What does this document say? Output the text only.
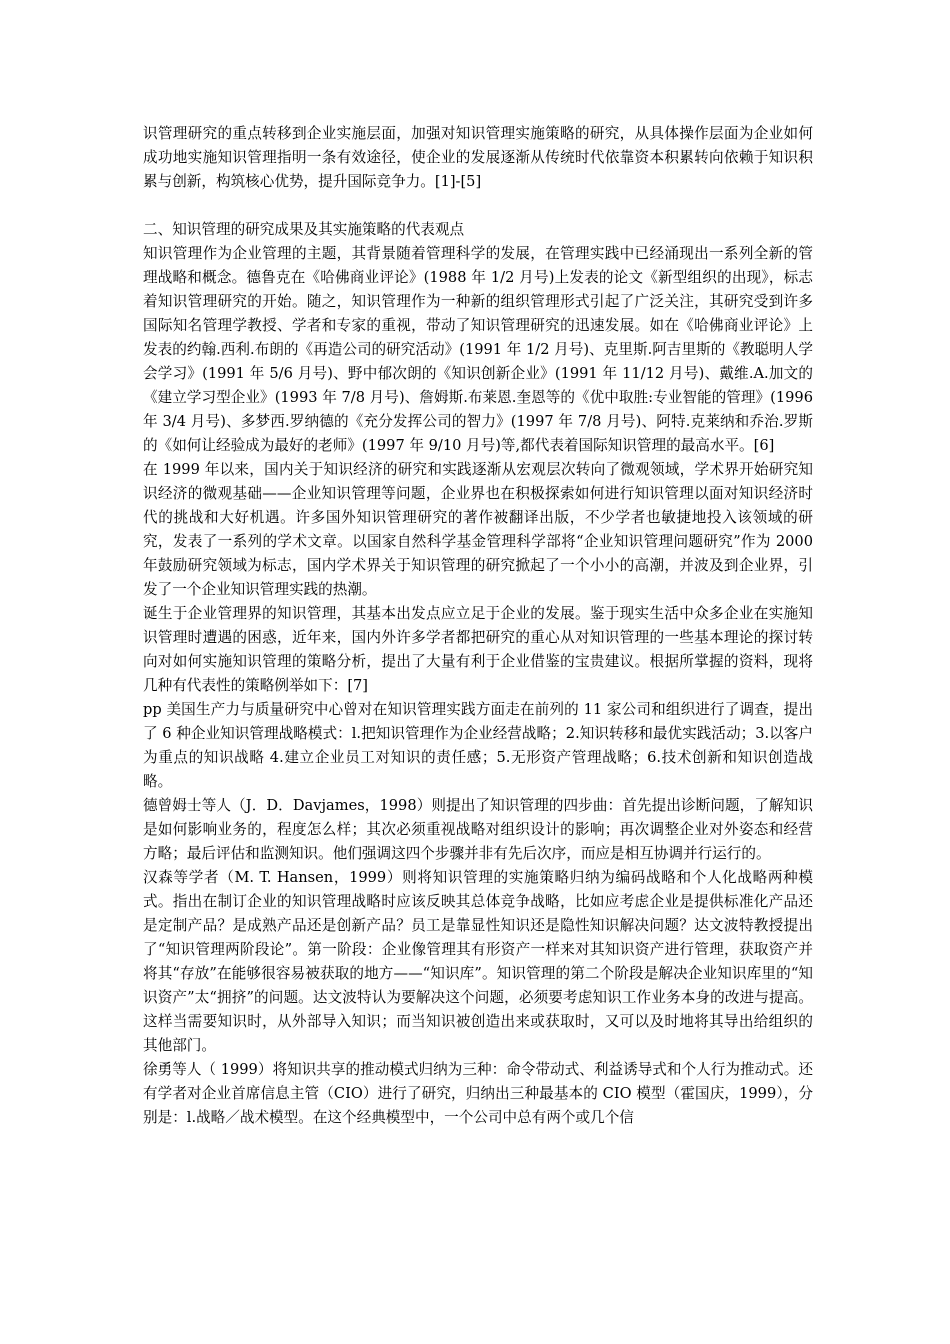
识管理研究的重点转移到企业实施层面，加强对知识管理实施策略的研究，从具体操作层面为企业如何成功地实施知识管理指明一条有效途径，使企业的发展逐渐从传统时代依靠资本积累转向依赖于知识积累与创新，构筑核心优势，提升国际竞争力。[1]-[5]

二、知识管理的研究成果及其实施策略的代表观点

知识管理作为企业管理的主题，其背景随着管理科学的发展，在管理实践中已经涌现出一系列全新的管理战略和概念。德鲁克在《哈佛商业评论》(1988 年 1/2 月号)上发表的论文《新型组织的出现》，标志着知识管理研究的开始。随之，知识管理作为一种新的组织管理形式引起了广泛关注，其研究受到许多国际知名管理学教授、学者和专家的重视，带动了知识管理研究的迅速发展。如在《哈佛商业评论》上发表的约翰.西利.布朗的《再造公司的研究活动》(1991 年 1/2 月号)、克里斯.阿吉里斯的《教聪明人学会学习》(1991 年 5/6 月号)、野中郁次朗的《知识创新企业》(1991 年 11/12 月号)、戴维.A.加文的《建立学习型企业》(1993 年 7/8 月号)、詹姆斯.布莱恩.奎恩等的《优中取胜:专业智能的管理》(1996 年 3/4 月号)、多梦西.罗纳德的《充分发挥公司的智力》(1997 年 7/8 月号)、阿特.克莱纳和乔治.罗斯的《如何让经验成为最好的老师》(1997 年 9/10 月号)等,都代表着国际知识管理的最高水平。[6]

在 1999 年以来，国内关于知识经济的研究和实践逐渐从宏观层次转向了微观领域，学术界开始研究知识经济的微观基础——企业知识管理等问题，企业界也在积极探索如何进行知识管理以面对知识经济时代的挑战和大好机遇。许多国外知识管理研究的著作被翻译出版，不少学者也敏捷地投入该领域的研究，发表了一系列的学术文章。以国家自然科学基金管理科学部将“企业知识管理问题研究”作为 2000 年鼓励研究领域为标志，国内学术界关于知识管理的研究掀起了一个小小的高潮，并波及到企业界，引发了一个企业知识管理实践的热潮。

诞生于企业管理界的知识管理，其基本出发点应立足于企业的发展。鉴于现实生活中众多企业在实施知识管理时遭遇的困惑，近年来，国内外许多学者都把研究的重心从对知识管理的一些基本理论的探讨转向对如何实施知识管理的策略分析，提出了大量有利于企业借鉴的宝贵建议。根据所掌握的资料，现将几种有代表性的策略例举如下：[7]

pp 美国生产力与质量研究中心曾对在知识管理实践方面走在前列的 11 家公司和组织进行了调查，提出了 6 种企业知识管理战略模式：l.把知识管理作为企业经营战略；2.知识转移和最优实践活动；3.以客户为重点的知识战略 4.建立企业员工对知识的责任感；5.无形资产管理战略；6.技术创新和知识创造战略。

德曾姆士等人（J．D．Davjames，1998）则提出了知识管理的四步曲：首先提出诊断问题，了解知识是如何影响业务的，程度怎么样；其次必须重视战略对组织设计的影响；再次调整企业对外姿态和经营方略；最后评估和监测知识。他们强调这四个步骤并非有先后次序，而应是相互协调并行运行的。

汉森等学者（M. T. Hansen，1999）则将知识管理的实施策略归纳为编码战略和个人化战略两种模式。指出在制订企业的知识管理战略时应该反映其总体竞争战略，比如应考虑企业是提供标准化产品还是定制产品？是成熟产品还是创新产品？员工是靠显性知识还是隐性知识解决问题？达文波特教授提出了“知识管理两阶段论”。第一阶段：企业像管理其有形资产一样来对其知识资产进行管理，获取资产并将其“存放”在能够很容易被获取的地方——“知识库”。知识管理的第二个阶段是解决企业知识库里的“知识资产”太“拥挤”的问题。达文波特认为要解决这个问题，必须要考虑知识工作业务本身的改进与提高。这样当需要知识时，从外部导入知识；而当知识被创造出来或获取时，又可以及时地将其导出给组织的其他部门。

徐勇等人（ 1999）将知识共享的推动模式归纳为三种：命令带动式、利益诱导式和个人行为推动式。还有学者对企业首席信息主管（CIO）进行了研究，归纳出三种最基本的 CIO 模型（霍国庆，1999），分别是：l.战略／战术模型。在这个经典模型中，一个公司中总有两个或几个信
